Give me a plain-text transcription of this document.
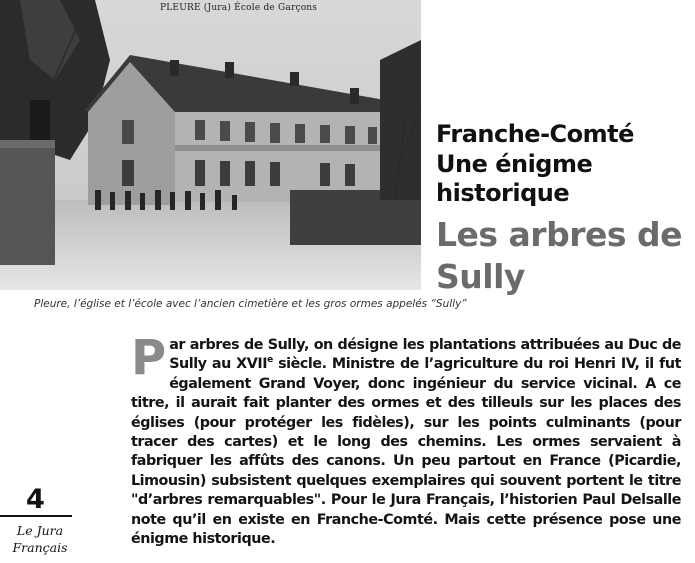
PLEURE (Jura) École de Garçons
Pleure, l’église et l’école avec l’ancien cimetière et les gros ormes appelés “Sully”
Franche-Comté
Une énigme historique
Les arbres de Sully
Par arbres de Sully, on désigne les plantations attribuées au Duc de Sully au XVIIe siècle. Ministre de l’agriculture du roi Henri IV, il fut également Grand Voyer, donc ingénieur du service vicinal. A ce titre, il aurait fait planter des ormes et des tilleuls sur les places des églises (pour protéger les fidèles), sur les points culminants (pour tracer des cartes) et le long des chemins. Les ormes servaient à fabriquer les affûts des canons. Un peu partout en France (Picardie, Limousin) subsistent quelques exemplaires qui souvent portent le titre "d’arbres remarquables". Pour le Jura Français, l’historien Paul Delsalle note qu’il en existe en Franche-Comté. Mais cette présence pose une énigme historique.
4
Le Jura Français
